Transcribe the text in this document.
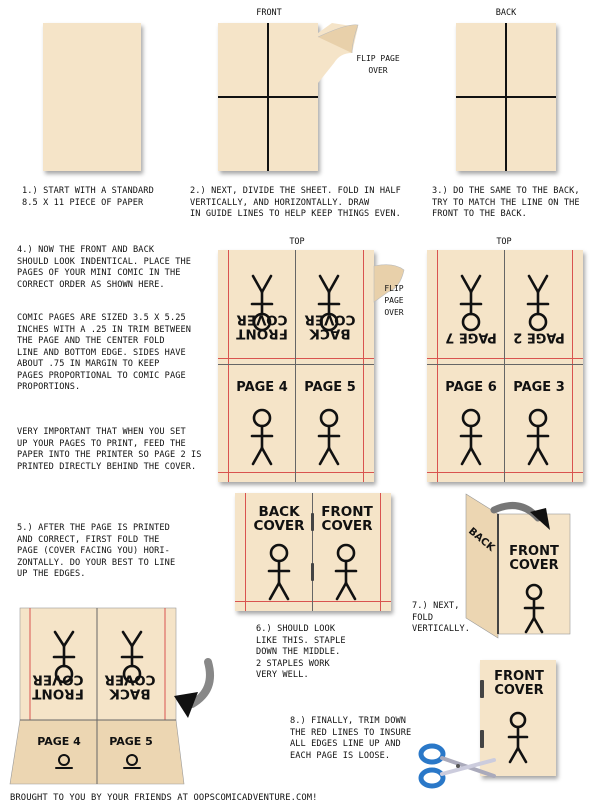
1.) START WITH A STANDARD
8.5 X 11 PIECE OF PAPER
FRONT
FLIP PAGE
OVER
2.) NEXT, DIVIDE THE SHEET. FOLD IN HALF
VERTICALLY, AND HORIZONTALLY. DRAW
IN GUIDE LINES TO HELP KEEP THINGS EVEN.
BACK
3.) DO THE SAME TO THE BACK,
TRY TO MATCH THE LINE ON THE
FRONT TO THE BACK.
4.) NOW THE FRONT AND BACK
SHOULD LOOK INDENTICAL. PLACE THE
PAGES OF YOUR MINI COMIC IN THE
CORRECT ORDER AS SHOWN HERE.
COMIC PAGES ARE SIZED 3.5 X 5.25
INCHES WITH A .25 IN TRIM BETWEEN
THE PAGE AND THE CENTER FOLD
LINE AND BOTTOM EDGE. SIDES HAVE
ABOUT .75 IN MARGIN TO KEEP
PAGES PROPORTIONAL TO COMIC PAGE
PROPORTIONS.
VERY IMPORTANT THAT WHEN YOU SET
UP YOUR PAGES TO PRINT, FEED THE
PAPER INTO THE PRINTER SO PAGE 2 IS
PRINTED DIRECTLY BEHIND THE COVER.
TOP
FRONT
COVER
BACK
COVER
PAGE 4	PAGE 5
FLIP
PAGE
OVER
TOP
PAGE 7	PAGE 2
PAGE 6	PAGE 3
5.) AFTER THE PAGE IS PRINTED
AND CORRECT, FIRST FOLD THE
PAGE (COVER FACING YOU) HORI-
ZONTALLY. DO YOUR BEST TO LINE
UP THE EDGES.
BACK
COVER
FRONT
COVER
6.) SHOULD LOOK
LIKE THIS. STAPLE
DOWN THE MIDDLE.
2 STAPLES WORK
VERY WELL.
BACK FRONT
COVER
7.) NEXT,
FOLD
VERTICALLY.
FRONT
COVER
BACK
COVER
PAGE 4	PAGE 5
FRONT
COVER
8.) FINALLY, TRIM DOWN
THE RED LINES TO INSURE
ALL EDGES LINE UP AND
EACH PAGE IS LOOSE.
BROUGHT TO YOU BY YOUR FRIENDS AT OOPSCOMICADVENTURE.COM!
